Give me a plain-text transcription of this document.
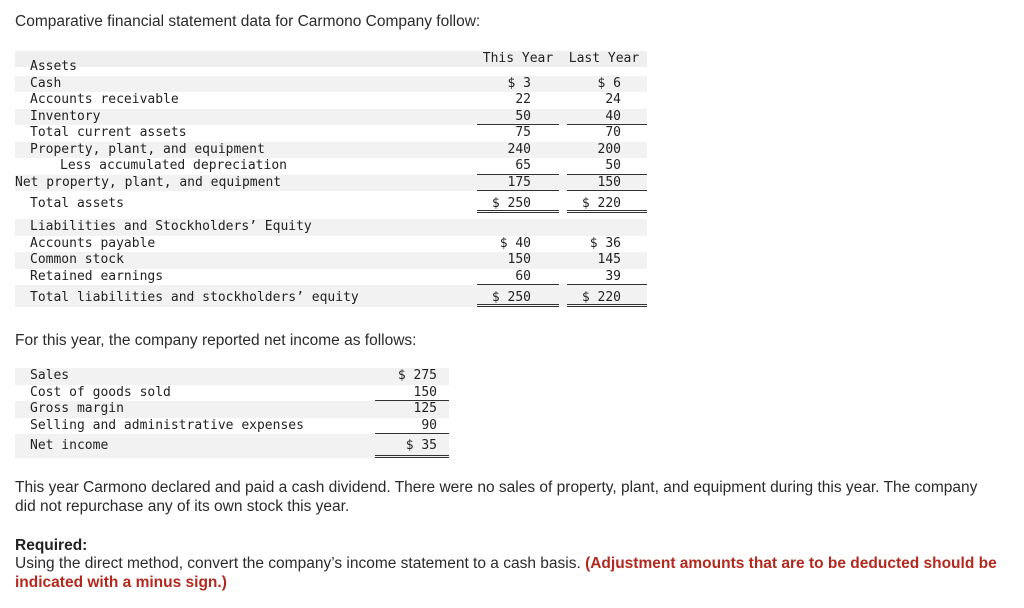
Comparative financial statement data for Carmono Company follow:

This Year	Last Year
Assets
Cash	$ 3	$ 6
Accounts receivable	22	24
Inventory	50	40
Total current assets	75	70
Property, plant, and equipment	240	200
Less accumulated depreciation	65	50
Net property, plant, and equipment	175	150
Total assets	$ 250	$ 220
Liabilities and Stockholders’ Equity
Accounts payable	$ 40	$ 36
Common stock	150	145
Retained earnings	60	39
Total liabilities and stockholders’ equity	$ 250	$ 220

For this year, the company reported net income as follows:

Sales	$ 275
Cost of goods sold	150
Gross margin	125
Selling and administrative expenses	90
Net income	$ 35

This year Carmono declared and paid a cash dividend. There were no sales of property, plant, and equipment during this year. The company did not repurchase any of its own stock this year.

Required:

Using the direct method, convert the company’s income statement to a cash basis. (Adjustment amounts that are to be deducted should be indicated with a minus sign.)
